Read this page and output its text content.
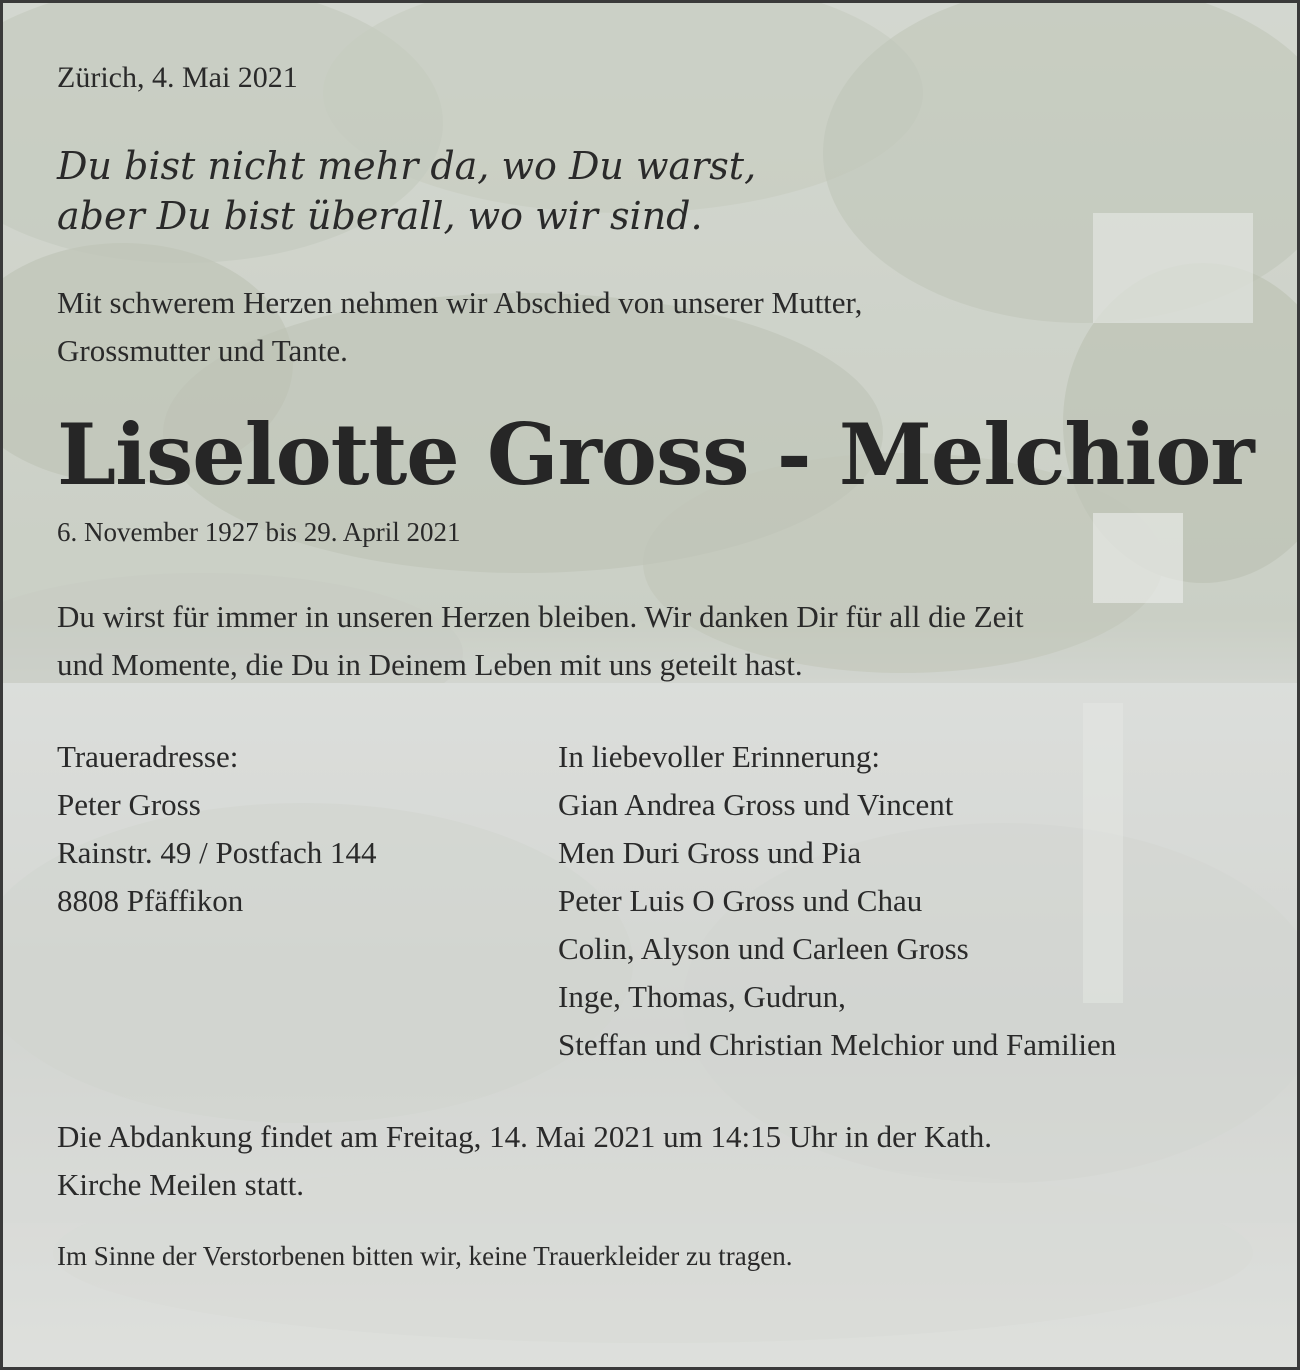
Zürich, 4. Mai 2021
Du bist nicht mehr da, wo Du warst,
aber Du bist überall, wo wir sind.
Mit schwerem Herzen nehmen wir Abschied von unserer Mutter,
Grossmutter und Tante.
Liselotte Gross - Melchior
6. November 1927 bis 29. April 2021
Du wirst für immer in unseren Herzen bleiben. Wir danken Dir für all die Zeit
und Momente, die Du in Deinem Leben mit uns geteilt hast.
Traueradresse:
Peter Gross
Rainstr. 49 / Postfach 144
8808 Pfäffikon
In liebevoller Erinnerung:
Gian Andrea Gross und Vincent
Men Duri Gross und Pia
Peter Luis O Gross und Chau
Colin, Alyson und Carleen Gross
Inge, Thomas, Gudrun,
Steffan und Christian Melchior und Familien
Die Abdankung findet am Freitag, 14. Mai 2021 um 14:15 Uhr in der Kath.
Kirche Meilen statt.
Im Sinne der Verstorbenen bitten wir, keine Trauerkleider zu tragen.
